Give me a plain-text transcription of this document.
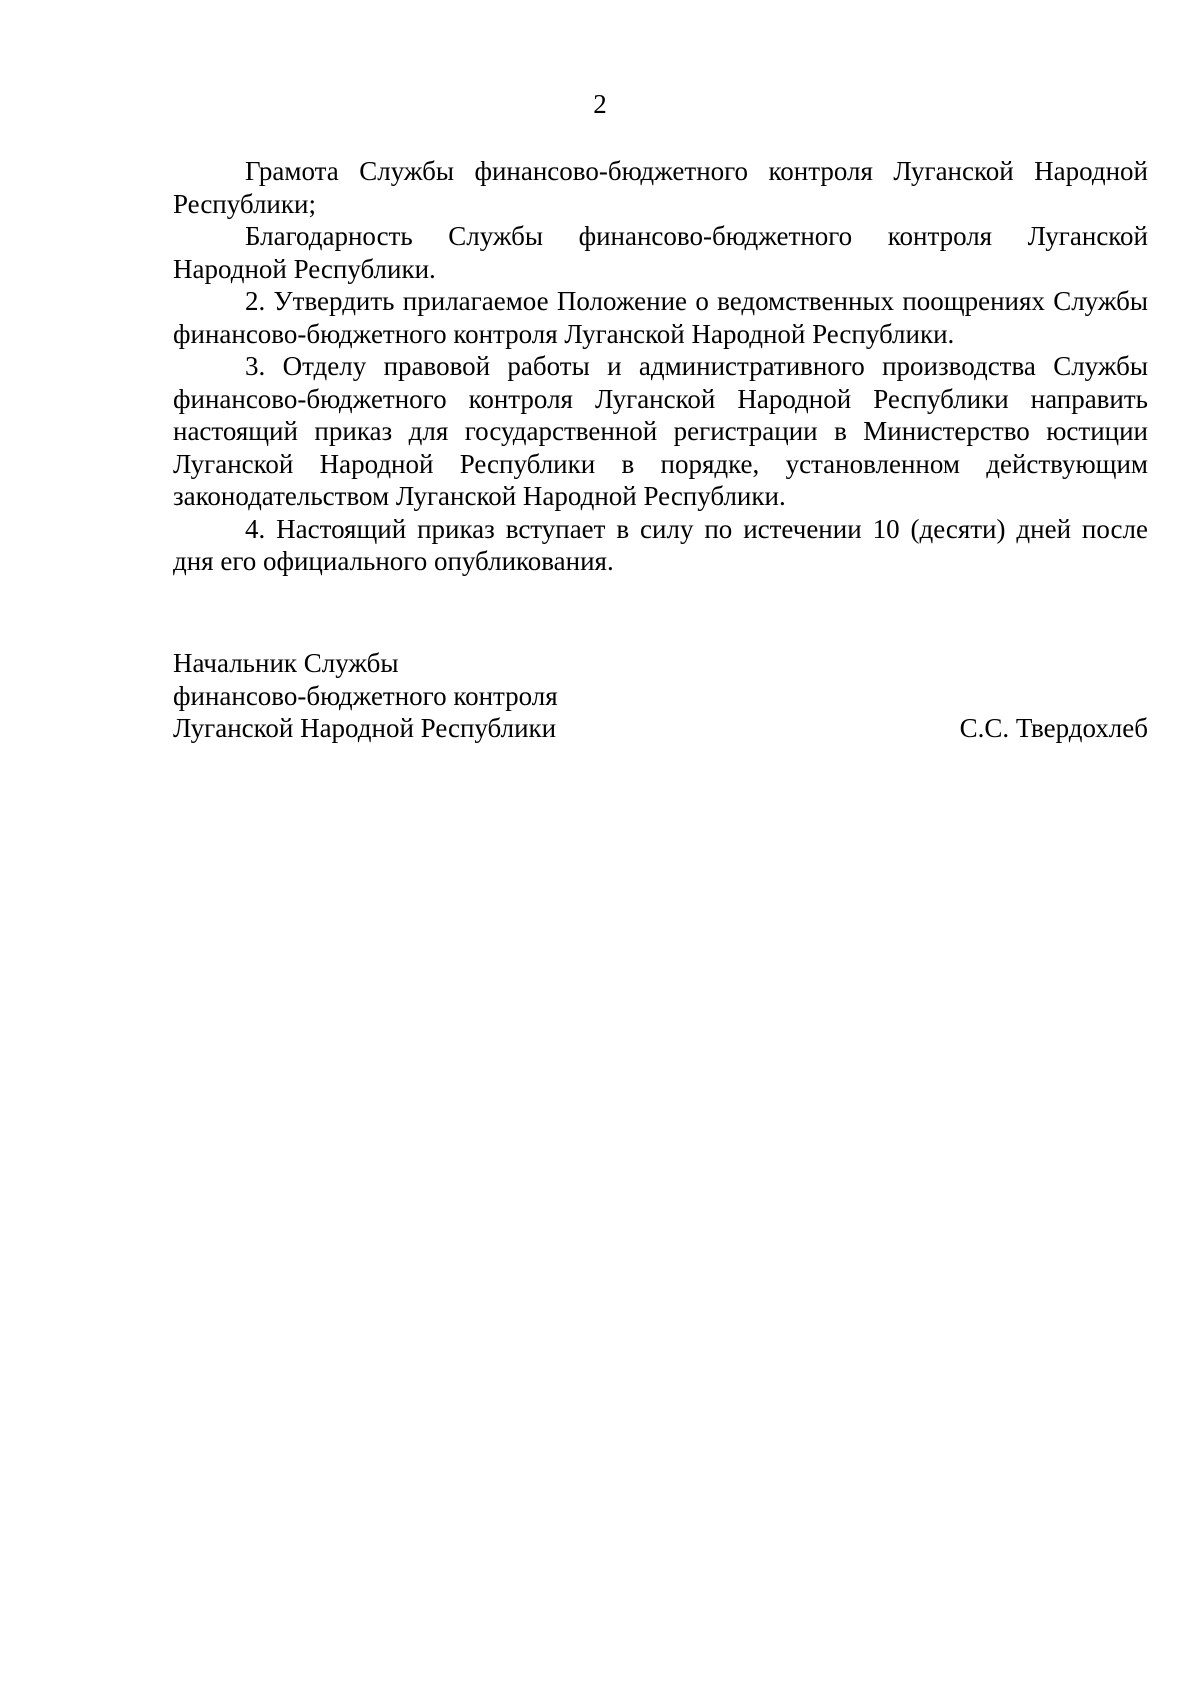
2

Грамота Службы финансово-бюджетного контроля Луганской Народной Республики;

Благодарность Службы финансово-бюджетного контроля Луганской Народной Республики.

2. Утвердить прилагаемое Положение о ведомственных поощрениях Службы финансово-бюджетного контроля Луганской Народной Республики.

3. Отделу правовой работы и административного производства Службы финансово-бюджетного контроля Луганской Народной Республики направить настоящий приказ для государственной регистрации в Министерство юстиции Луганской Народной Республики в порядке, установленном действующим законодательством Луганской Народной Республики.

4. Настоящий приказ вступает в силу по истечении 10 (десяти) дней после дня его официального опубликования.

Начальник Службы
финансово-бюджетного контроля
Луганской Народной Республики	С.С. Твердохлеб
